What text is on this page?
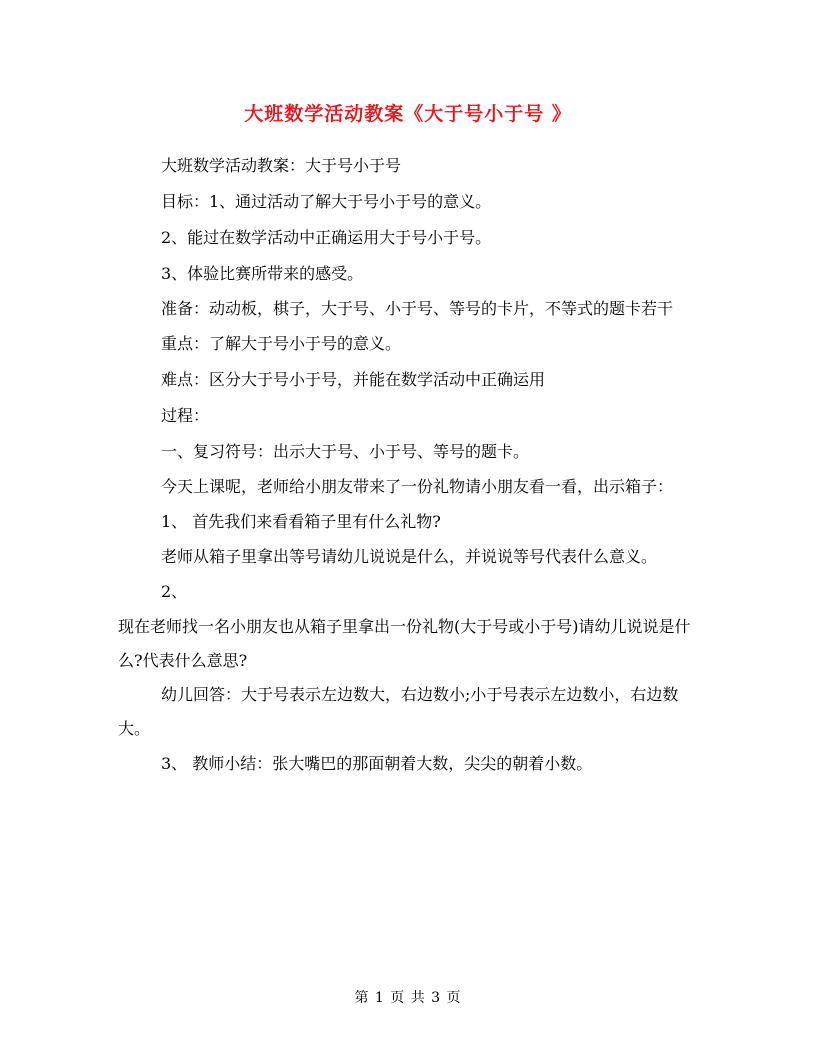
大班数学活动教案《大于号小于号 》

大班数学活动教案：大于号小于号

目标：1、通过活动了解大于号小于号的意义。

2、能过在数学活动中正确运用大于号小于号。

3、体验比赛所带来的感受。

准备：动动板，棋子，大于号、小于号、等号的卡片，不等式的题卡若干

重点：了解大于号小于号的意义。

难点：区分大于号小于号，并能在数学活动中正确运用

过程：

一、复习符号：出示大于号、小于号、等号的题卡。

今天上课呢，老师给小朋友带来了一份礼物请小朋友看一看，出示箱子：

1、 首先我们来看看箱子里有什么礼物?

老师从箱子里拿出等号请幼儿说说是什么，并说说等号代表什么意义。

2、

现在老师找一名小朋友也从箱子里拿出一份礼物(大于号或小于号)请幼儿说说是什么?代表什么意思?

幼儿回答：大于号表示左边数大，右边数小;小于号表示左边数小，右边数大。

3、 教师小结：张大嘴巴的那面朝着大数，尖尖的朝着小数。

第 1 页 共 3 页
